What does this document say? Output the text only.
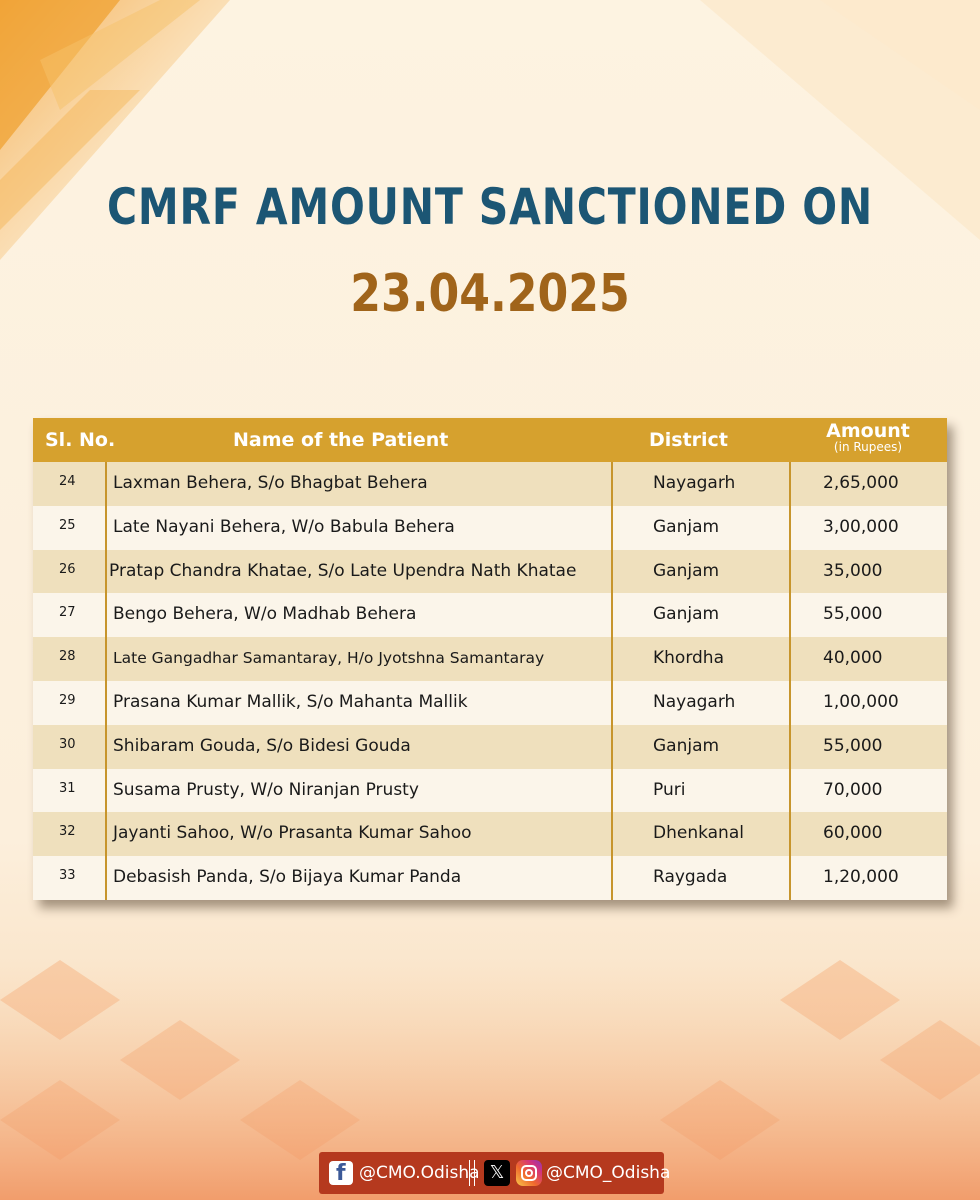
CMRF AMOUNT SANCTIONED ON
23.04.2025
Sl. No.	Name of the Patient	District	Amount
(in Rupees)
24 Laxman Behera, S/o Bhagbat Behera	Nayagarh	2,65,000
25 Late Nayani Behera, W/o Babula Behera	Ganjam	3,00,000
26 Pratap Chandra Khatae, S/o Late Upendra Nath Khatae	Ganjam	35,000
27 Bengo Behera, W/o Madhab Behera	Ganjam	55,000
28 Late Gangadhar Samantaray, H/o Jyotshna Samantaray	Khordha	40,000
29 Prasana Kumar Mallik, S/o Mahanta Mallik	Nayagarh	1,00,000
30 Shibaram Gouda, S/o Bidesi Gouda	Ganjam	55,000
31 Susama Prusty, W/o Niranjan Prusty	Puri	70,000
32 Jayanti Sahoo, W/o Prasanta Kumar Sahoo	Dhenkanal	60,000
33 Debasish Panda, S/o Bijaya Kumar Panda	Raygada	1,20,000
f
@CMO.Odisha 𝕏	@CMO_Odisha
